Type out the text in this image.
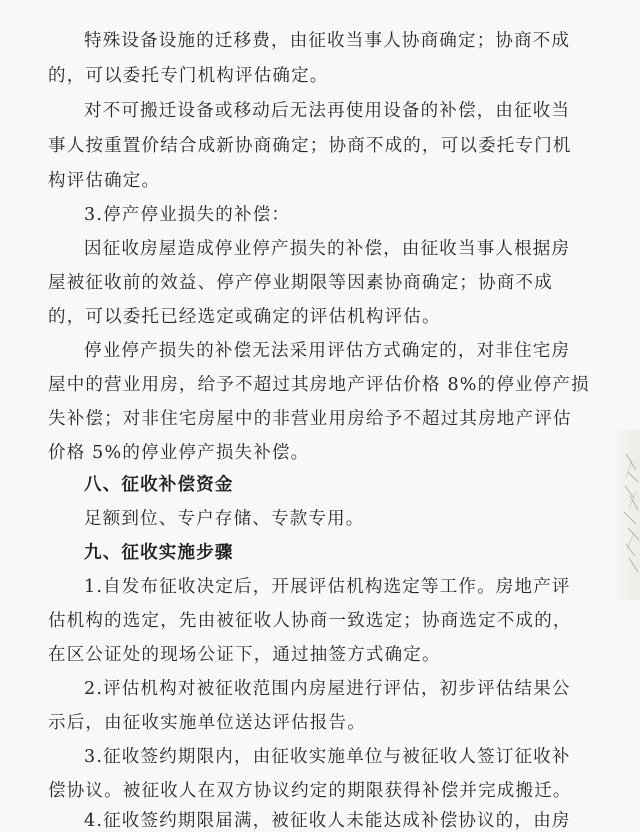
特殊设备设施的迁移费，由征收当事人协商确定；协商不成
的，可以委托专门机构评估确定。
对不可搬迁设备或移动后无法再使用设备的补偿，由征收当
事人按重置价结合成新协商确定；协商不成的，可以委托专门机
构评估确定。
3.停产停业损失的补偿：
因征收房屋造成停业停产损失的补偿，由征收当事人根据房
屋被征收前的效益、停产停业期限等因素协商确定；协商不成
的，可以委托已经选定或确定的评估机构评估。
停业停产损失的补偿无法采用评估方式确定的，对非住宅房
屋中的营业用房，给予不超过其房地产评估价格 8%的停业停产损
失补偿；对非住宅房屋中的非营业用房给予不超过其房地产评估
价格 5%的停业停产损失补偿。
八、征收补偿资金
足额到位、专户存储、专款专用。
九、征收实施步骤
1.自发布征收决定后，开展评估机构选定等工作。房地产评
估机构的选定，先由被征收人协商一致选定；协商选定不成的，
在区公证处的现场公证下，通过抽签方式确定。
2.评估机构对被征收范围内房屋进行评估，初步评估结果公
示后，由征收实施单位送达评估报告。
3.征收签约期限内，由征收实施单位与被征收人签订征收补
偿协议。被征收人在双方协议约定的期限获得补偿并完成搬迁。
4.征收签约期限届满，被征收人未能达成补偿协议的，由房
